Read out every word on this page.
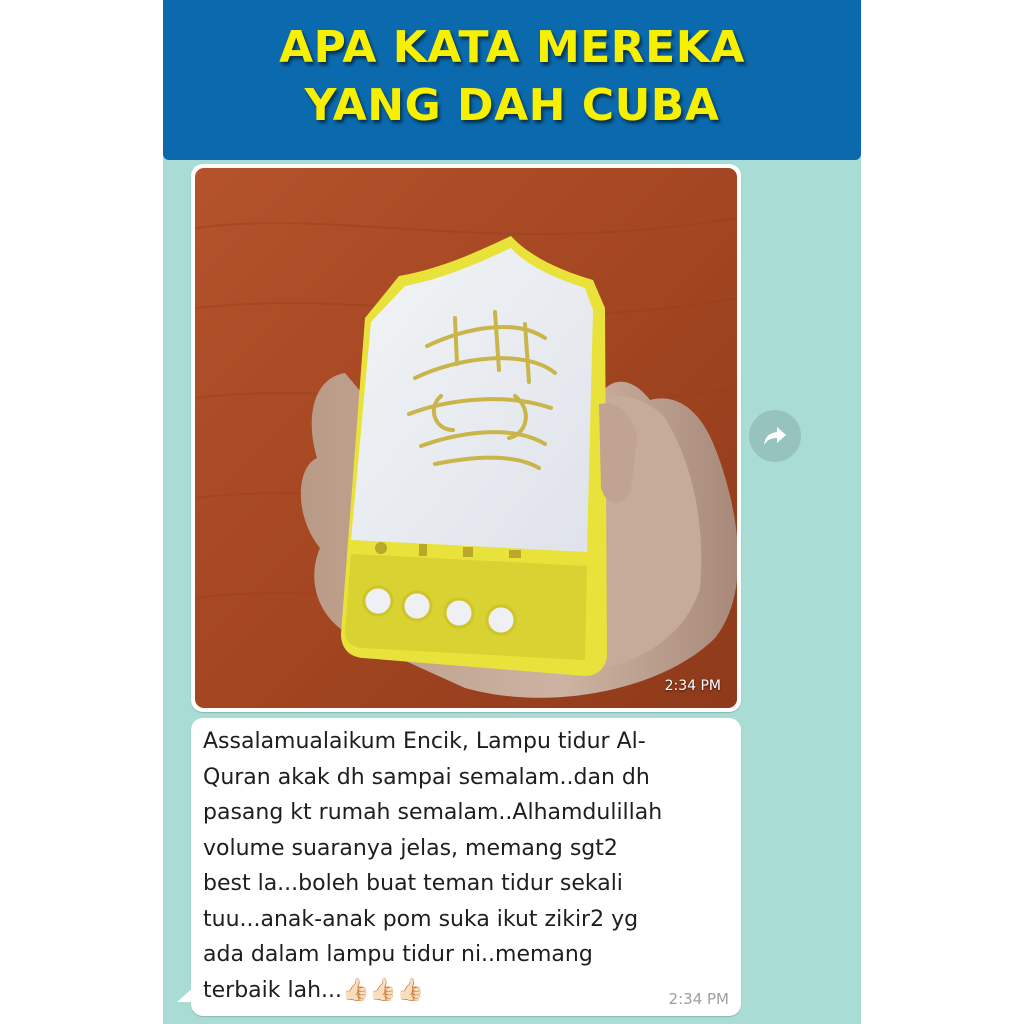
APA KATA MEREKA
YANG DAH CUBA
2:34 PM
Assalamualaikum Encik, Lampu tidur Al-
Quran akak dh sampai semalam..dan dh
pasang kt rumah semalam..Alhamdulillah
volume suaranya jelas, memang sgt2
best la...boleh buat teman tidur sekali
tuu...anak-anak pom suka ikut zikir2 yg
ada dalam lampu tidur ni..memang
terbaik lah...👍🏻👍🏻👍🏻	2:34 PM
